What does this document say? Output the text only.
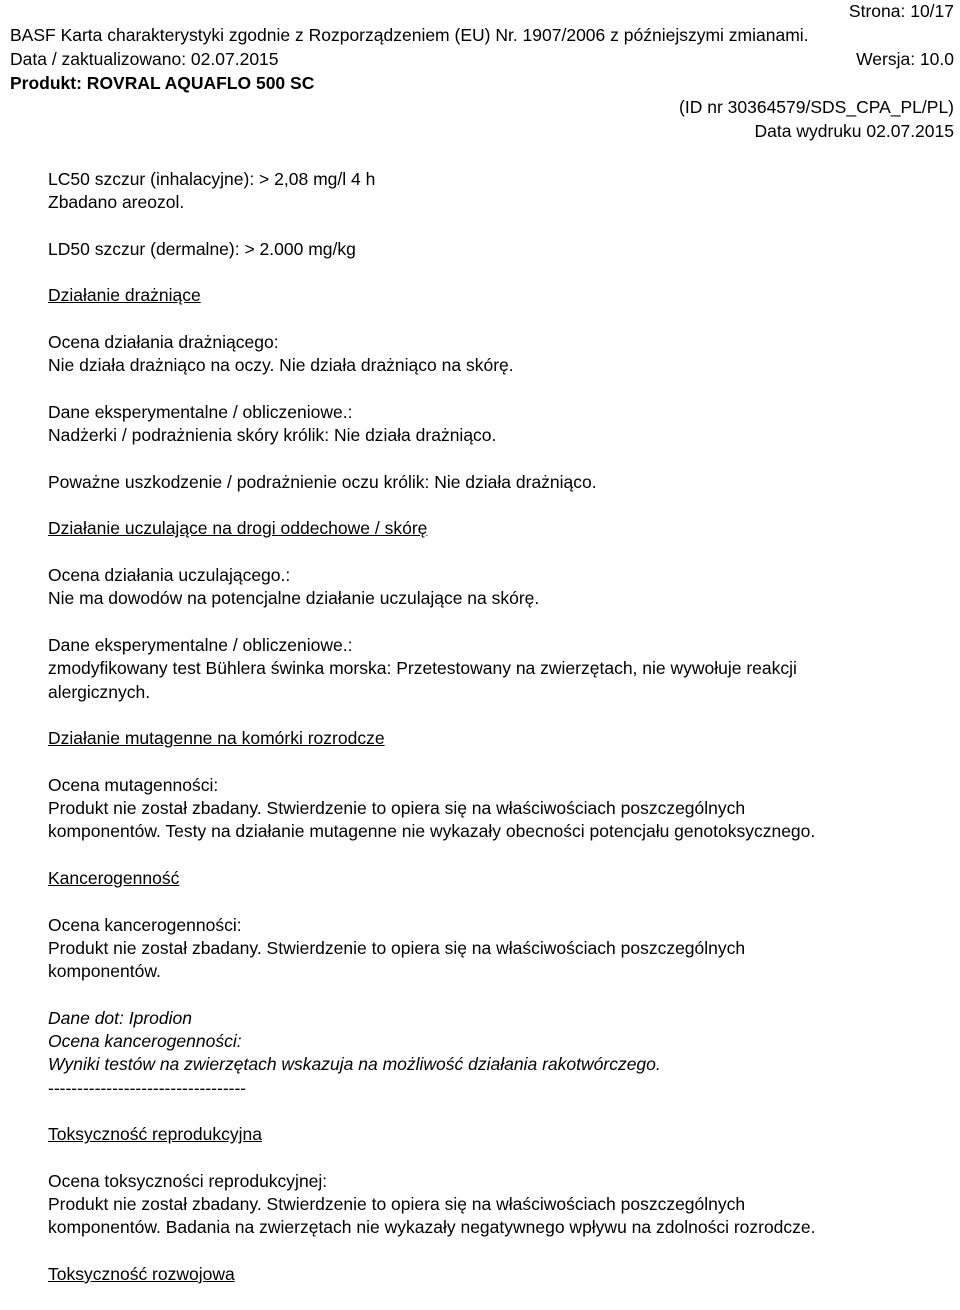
Strona: 10/17
BASF Karta charakterystyki zgodnie z Rozporządzeniem (EU) Nr. 1907/2006 z późniejszymi zmianami.
Data / zaktualizowano: 02.07.2015	Wersja: 10.0
Produkt: ROVRAL AQUAFLO 500 SC
(ID nr 30364579/SDS_CPA_PL/PL)
Data wydruku 02.07.2015
LC50 szczur (inhalacyjne): > 2,08 mg/l 4 h
Zbadano areozol.
LD50 szczur (dermalne): > 2.000 mg/kg
Działanie drażniące
Ocena działania drażniącego:
Nie działa drażniąco na oczy. Nie działa drażniąco na skórę.
Dane eksperymentalne / obliczeniowe.:
Nadżerki / podrażnienia skóry królik: Nie działa drażniąco.
Poważne uszkodzenie / podrażnienie oczu królik: Nie działa drażniąco.
Działanie uczulające na drogi oddechowe / skórę
Ocena działania uczulającego.:
Nie ma dowodów na potencjalne działanie uczulające na skórę.
Dane eksperymentalne / obliczeniowe.:
zmodyfikowany test Bühlera świnka morska: Przetestowany na zwierzętach, nie wywołuje reakcji
alergicznych.
Działanie mutagenne na komórki rozrodcze
Ocena mutagenności:
Produkt nie został zbadany. Stwierdzenie to opiera się na właściwościach poszczególnych
komponentów. Testy na działanie mutagenne nie wykazały obecności potencjału genotoksycznego.
Kancerogenność
Ocena kancerogenności:
Produkt nie został zbadany. Stwierdzenie to opiera się na właściwościach poszczególnych
komponentów.
Dane dot: Iprodion
Ocena kancerogenności:
Wyniki testów na zwierzętach wskazuja na możliwość działania rakotwórczego.
----------------------------------
Toksyczność reprodukcyjna
Ocena toksyczności reprodukcyjnej:
Produkt nie został zbadany. Stwierdzenie to opiera się na właściwościach poszczególnych
komponentów. Badania na zwierzętach nie wykazały negatywnego wpływu na zdolności rozrodcze.
Toksyczność rozwojowa
